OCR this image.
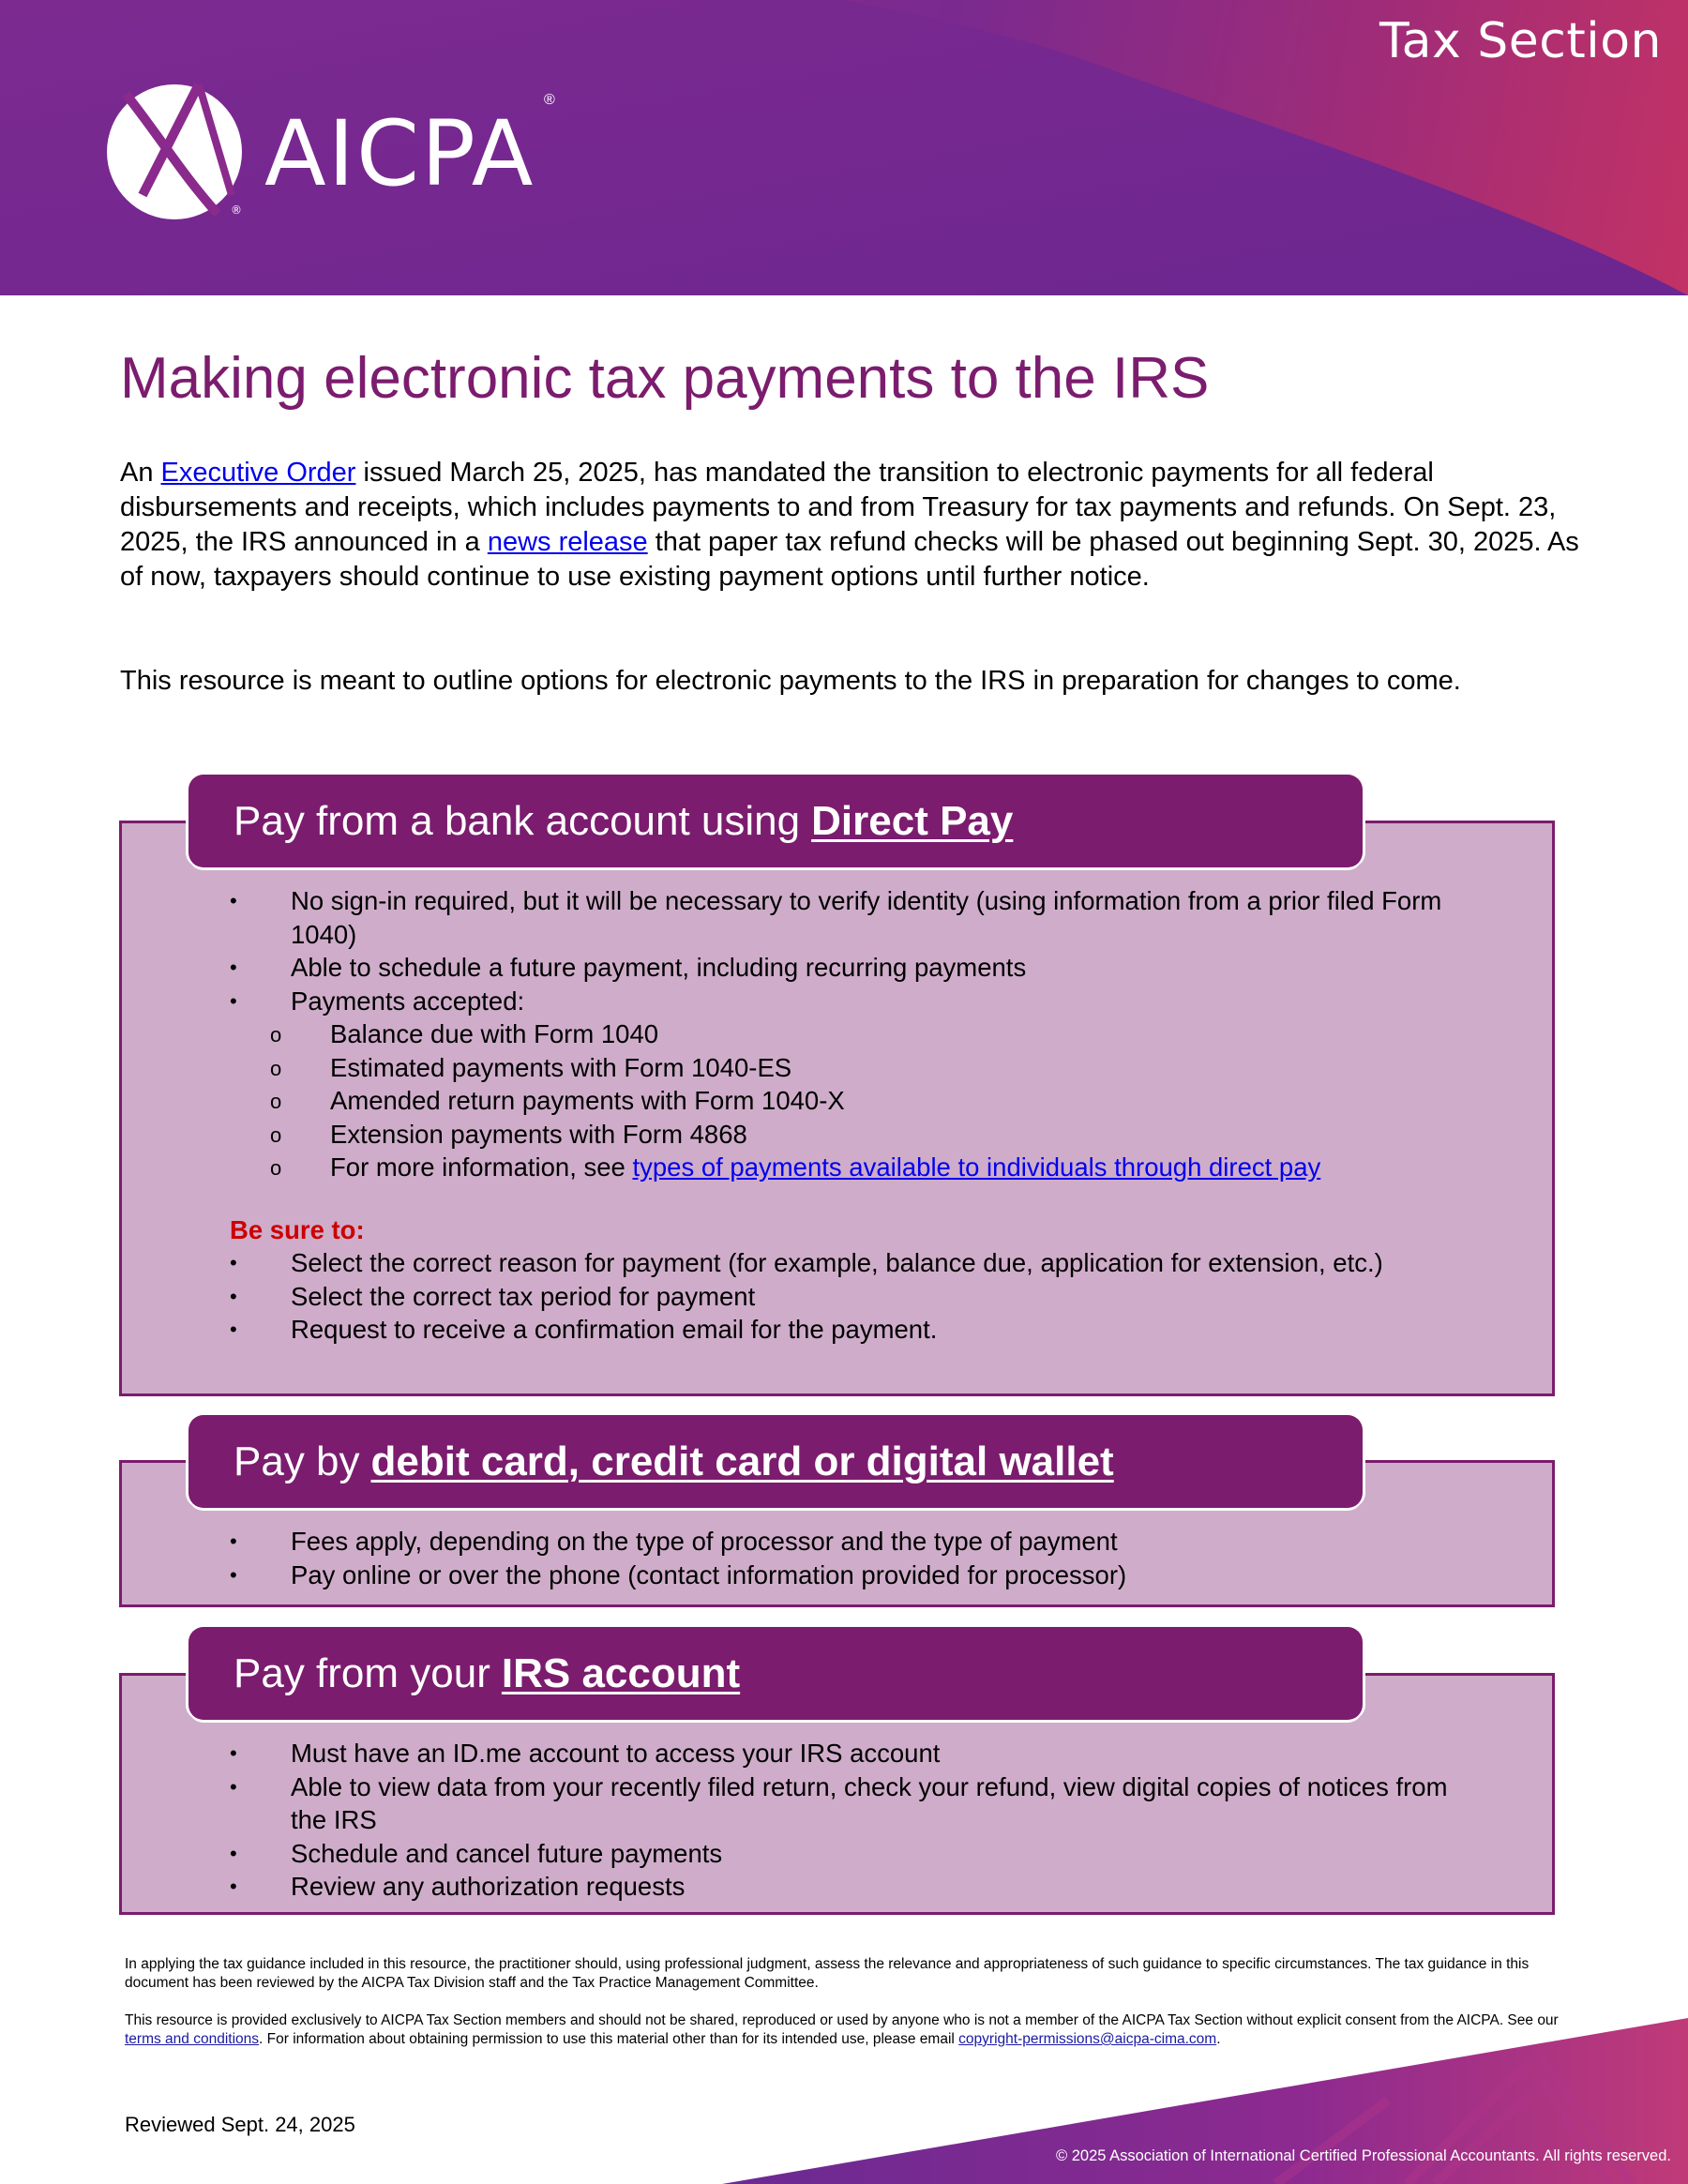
Tax Section
®
AICPA
®
Making electronic tax payments to the IRS
An Executive Order issued March 25, 2025, has mandated the transition to electronic payments for all federal disbursements and receipts, which includes payments to and from Treasury for tax payments and refunds. On Sept. 23, 2025, the IRS announced in a news release that paper tax refund checks will be phased out beginning Sept. 30, 2025. As of now, taxpayers should continue to use existing payment options until further notice.
This resource is meant to outline options for electronic payments to the IRS in preparation for changes to come.
Pay from a bank account using Direct Pay
• No sign-in required, but it will be necessary to verify identity (using information from a prior filed Form 1040)
• Able to schedule a future payment, including recurring payments
• Payments accepted:
o Balance due with Form 1040
o Estimated payments with Form 1040-ES
o Amended return payments with Form 1040-X
o Extension payments with Form 4868
o For more information, see types of payments available to individuals through direct pay
Be sure to:
• Select the correct reason for payment (for example, balance due, application for extension, etc.)
• Select the correct tax period for payment
• Request to receive a confirmation email for the payment.
Pay by debit card, credit card or digital wallet
• Fees apply, depending on the type of processor and the type of payment
• Pay online or over the phone (contact information provided for processor)
Pay from your IRS account
• Must have an ID.me account to access your IRS account
• Able to view data from your recently filed return, check your refund, view digital copies of notices from the IRS
• Schedule and cancel future payments
• Review any authorization requests
In applying the tax guidance included in this resource, the practitioner should, using professional judgment, assess the relevance and appropriateness of such guidance to specific circumstances. The tax guidance in this document has been reviewed by the AICPA Tax Division staff and the Tax Practice Management Committee.
This resource is provided exclusively to AICPA Tax Section members and should not be shared, reproduced or used by anyone who is not a member of the AICPA Tax Section without explicit consent from the AICPA. See our terms and conditions. For information about obtaining permission to use this material other than for its intended use, please email copyright-permissions@aicpa-cima.com.
Reviewed Sept. 24, 2025
© 2025 Association of International Certified Professional Accountants. All rights reserved.
